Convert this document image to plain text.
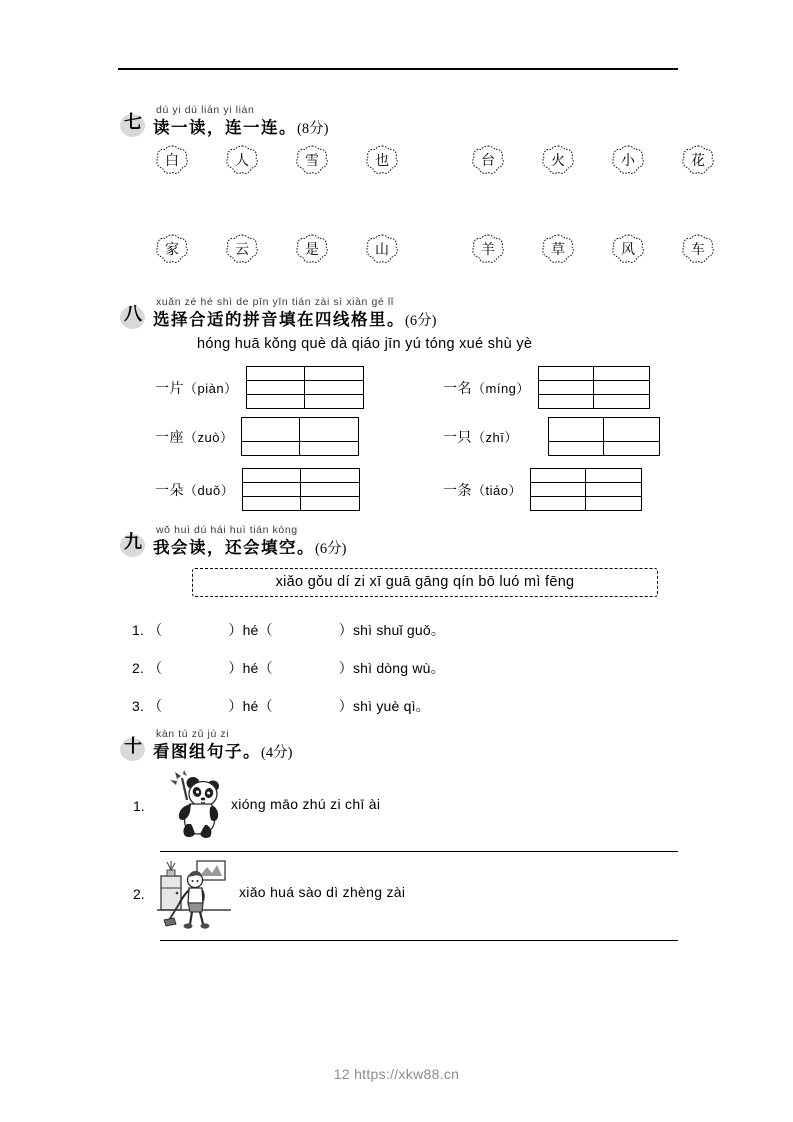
七
dú yi dú lián yi lián
读一读，连一连。(8分)
白	人	雪	也	台	火	小	花
家	云	是	山	羊	草	风	车
八
xuǎn zé hé shì de pīn yīn tián zài sì xiàn gé lǐ
选择合适的拼音填在四线格里。(6分)
hóng huā kǒng què dà qiáo jīn yú tóng xué shù yè
一片（piàn）
一座（zuò）
一朵（duǒ）
一名（míng）
一只（zhī）
一条（tiáo）
九
wǒ huì dú hái huì tián kòng
我会读，还会填空。(6分)
xiǎo gǒu dí zi xī guā gāng qín bō luó mì fēng
1. （	）hé（	）shì shuǐ guǒ。
2. （	）hé（	）shì dòng wù。
3. （	）hé（	）shì yuè qì。
十
kàn tú zǔ jù zi
看图组句子。(4分)
1.	xióng māo zhú zi chī ài
2.	xiǎo huá sào dì zhèng zài
12 https://xkw88.cn
